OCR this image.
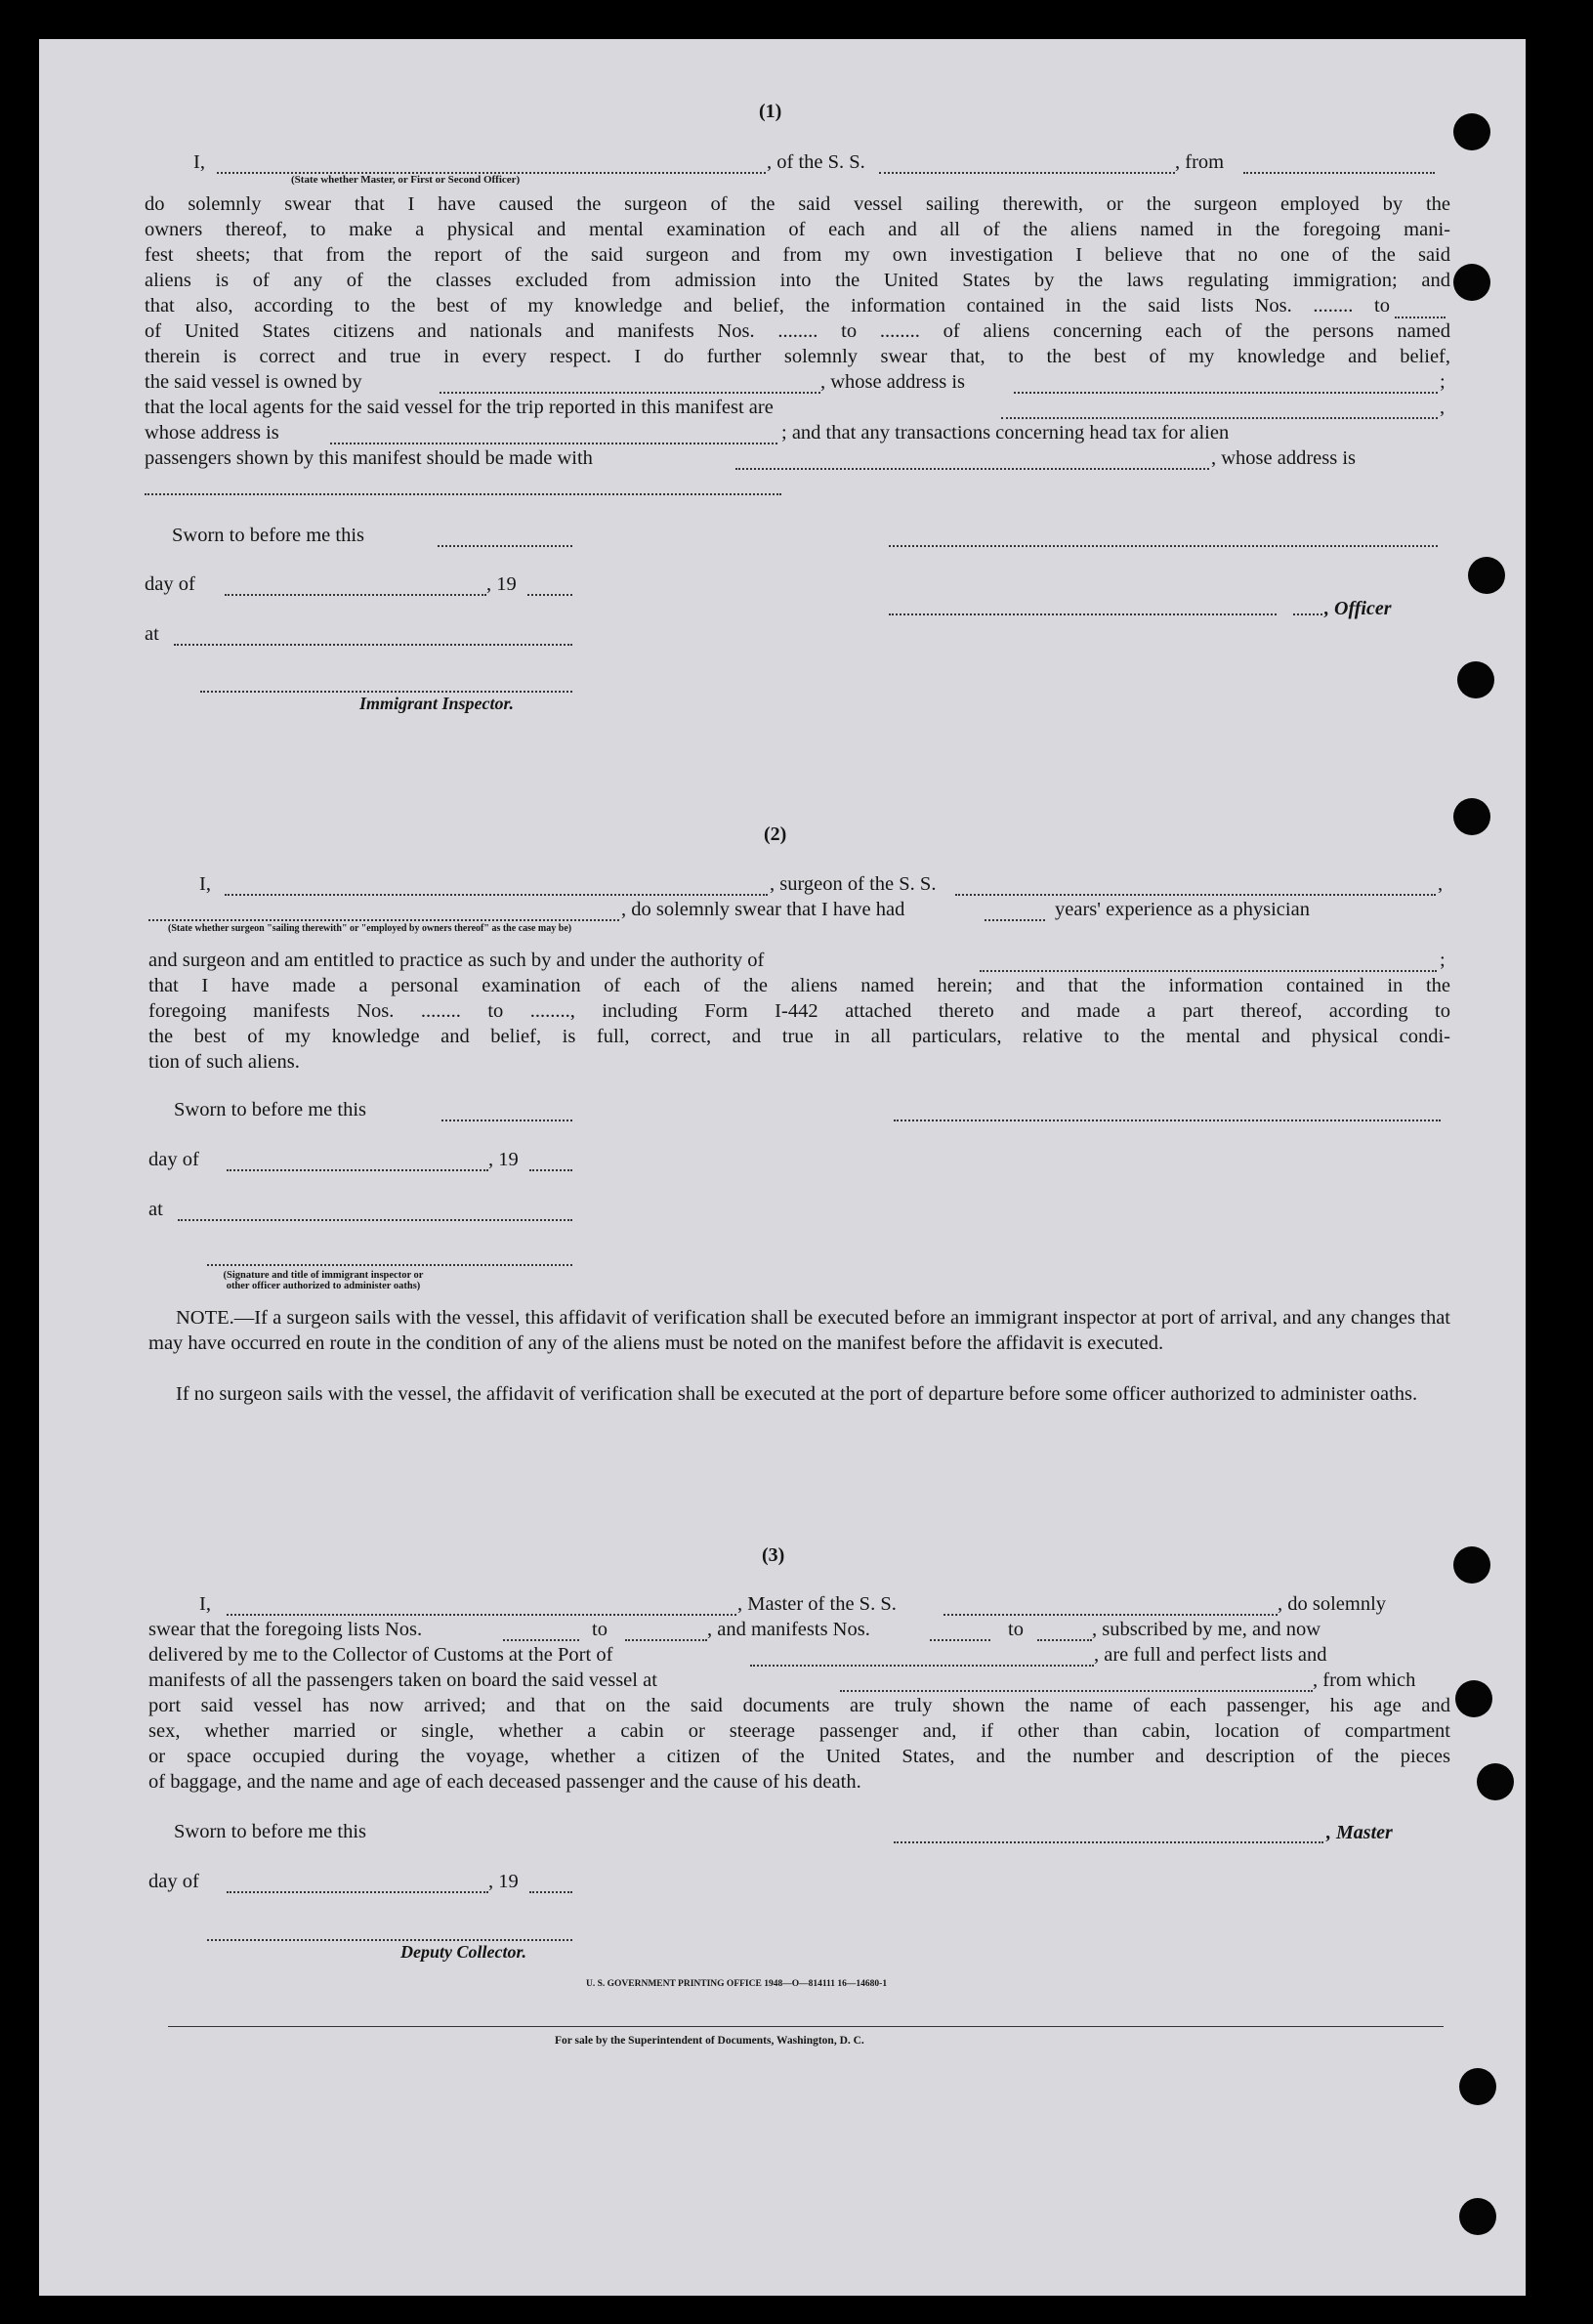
(1)
I,	, of the S. S.	, from
(State whether Master, or First or Second Officer)
do solemnly swear that I have caused the surgeon of the said vessel sailing therewith, or the surgeon employed by the
owners thereof, to make a physical and mental examination of each and all of the aliens named in the foregoing mani-
fest sheets; that from the report of the said surgeon and from my own investigation I believe that no one of the said
aliens is of any of the classes excluded from admission into the United States by the laws regulating immigration; and
that also, according to the best of my knowledge and belief, the information contained in the said lists Nos. ........ to
of United States citizens and nationals and manifests Nos. ........ to ........ of aliens concerning each of the persons named
therein is correct and true in every respect. I do further solemnly swear that, to the best of my knowledge and belief,
the said vessel is owned by	, whose address is	;
that the local agents for the said vessel for the trip reported in this manifest are	,
whose address is	; and that any transactions concerning head tax for alien
passengers shown by this manifest should be made with	, whose address is
Sworn to before me this
day of	, 19
, Officer
at
Immigrant Inspector.
(2)
I,	, surgeon of the S. S.	,
, do solemnly swear that I have had	years' experience as a physician
(State whether surgeon "sailing therewith" or "employed by owners thereof" as the case may be)
and surgeon and am entitled to practice as such by and under the authority of	;
that I have made a personal examination of each of the aliens named herein; and that the information contained in the
foregoing manifests Nos. ........ to ........, including Form I-442 attached thereto and made a part thereof, according to
the best of my knowledge and belief, is full, correct, and true in all particulars, relative to the mental and physical condi-
tion of such aliens.
Sworn to before me this
day of	, 19
at
(Signature and title of immigrant inspector or other officer authorized to administer oaths)
NOTE.—If a surgeon sails with the vessel, this affidavit of verification shall be executed before an immigrant inspector at port of arrival, and any changes that may have occurred en route in the condition of any of the aliens must be noted on the manifest before the affidavit is executed.
If no surgeon sails with the vessel, the affidavit of verification shall be executed at the port of departure before some officer authorized to administer oaths.
(3)
I,	, Master of the S. S.	, do solemnly
swear that the foregoing lists Nos.	to	, and manifests Nos.	to	, subscribed by me, and now
delivered by me to the Collector of Customs at the Port of	, are full and perfect lists and
manifests of all the passengers taken on board the said vessel at	, from which
port said vessel has now arrived; and that on the said documents are truly shown the name of each passenger, his age and
sex, whether married or single, whether a cabin or steerage passenger and, if other than cabin, location of compartment
or space occupied during the voyage, whether a citizen of the United States, and the number and description of the pieces
of baggage, and the name and age of each deceased passenger and the cause of his death.
Sworn to before me this	, Master
day of	, 19
Deputy Collector.
U. S. GOVERNMENT PRINTING OFFICE 1948—O—814111 16—14680-1
For sale by the Superintendent of Documents, Washington, D. C.
